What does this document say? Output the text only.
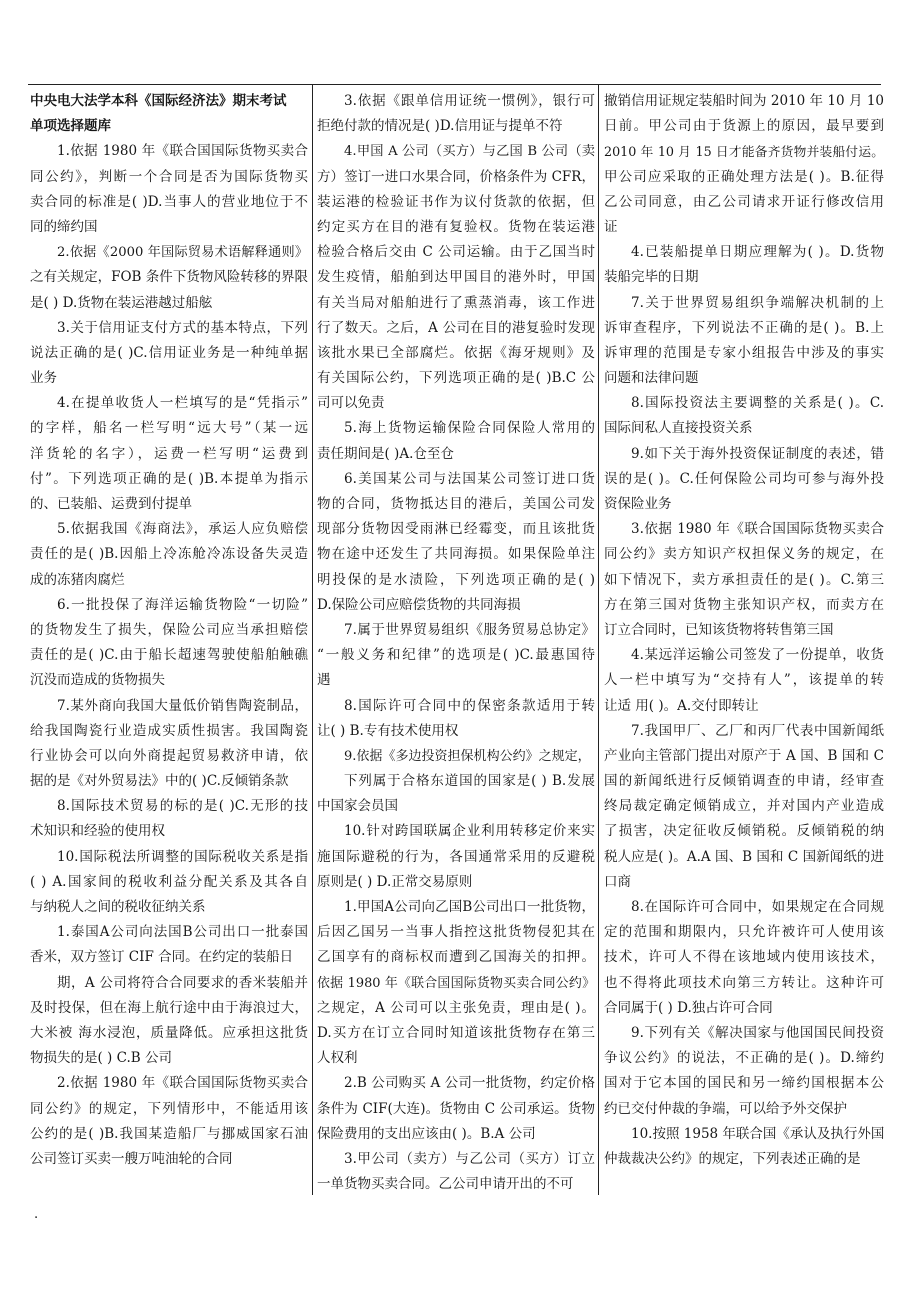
中央电大法学本科《国际经济法》期末考试
单项选择题库
1.依据 1980 年《联合国国际货物买卖合
同公约》，判断一个合同是否为国际货物买
卖合同的标准是( )D.当事人的营业地位于不
同的缔约国
2.依据《2000 年国际贸易术语解释通则》
之有关规定，FOB 条件下货物风险转移的界限
是( ) D.货物在装运港越过船舷
3.关于信用证支付方式的基本特点，下列
说法正确的是( )C.信用证业务是一种纯单据
业务
4.在提单收货人一栏填写的是“凭指示”
的字样，船名一栏写明“远大号”（某一远
洋货轮的名字），运费一栏写明“运费到
付”。下列选项正确的是( )B.本提单为指示
的、已装船、运费到付提单
5.依据我国《海商法》，承运人应负赔偿
责任的是( )B.因船上冷冻舱冷冻设备失灵造
成的冻猪肉腐烂
6.一批投保了海洋运输货物险“一切险”
的货物发生了损失，保险公司应当承担赔偿
责任的是( )C.由于船长超速驾驶使船舶触礁
沉没而造成的货物损失
7.某外商向我国大量低价销售陶瓷制品，
给我国陶瓷行业造成实质性损害。我国陶瓷
行业协会可以向外商提起贸易救济申请，依
据的是《对外贸易法》中的( )C.反倾销条款
8.国际技术贸易的标的是( )C.无形的技
术知识和经验的使用权
10.国际税法所调整的国际税收关系是指
( ) A.国家间的税收利益分配关系及其各自
与纳税人之间的税收征纳关系
1.泰国A公司向法国B公司出口一批泰国
香米，双方签订 CIF 合同。在约定的装船日
期，A 公司将符合合同要求的香米装船并
及时投保，但在海上航行途中由于海浪过大，
大米被 海水浸泡，质量降低。应承担这批货
物损失的是( ) C.B 公司
2.依据 1980 年《联合国国际货物买卖合
同公约》的规定，下列情形中，不能适用该
公约的是( )B.我国某造船厂与挪威国家石油
公司签订买卖一艘万吨油轮的合同
3.依据《跟单信用证统一惯例》，银行可
拒绝付款的情况是( )D.信用证与提单不符
4.甲国 A 公司（买方）与乙国 B 公司（卖
方）签订一进口水果合同，价格条件为 CFR，
装运港的检验证书作为议付货款的依据，但
约定买方在目的港有复验权。货物在装运港
检验合格后交由 C 公司运输。由于乙国当时
发生疫情，船舶到达甲国目的港外时，甲国
有关当局对船舶进行了熏蒸消毒，该工作进
行了数天。之后，A 公司在目的港复验时发现
该批水果已全部腐烂。依据《海牙规则》及
有关国际公约，下列选项正确的是( )B.C 公
司可以免责
5.海上货物运输保险合同保险人常用的
责任期间是( )A.仓至仓
6.美国某公司与法国某公司签订进口货
物的合同，货物抵达目的港后，美国公司发
现部分货物因受雨淋已经霉变，而且该批货
物在途中还发生了共同海损。如果保险单注
明投保的是水渍险，下列选项正确的是( )
D.保险公司应赔偿货物的共同海损
7.属于世界贸易组织《服务贸易总协定》
“一般义务和纪律”的选项是( )C.最惠国待
遇
8.国际许可合同中的保密条款适用于转
让( ) B.专有技术使用权
9.依据《多边投资担保机构公约》之规定，
下列属于合格东道国的国家是( ) B.发展
中国家会员国
10.针对跨国联属企业利用转移定价来实
施国际避税的行为，各国通常采用的反避税
原则是( ) D.正常交易原则
1.甲国A公司向乙国B公司出口一批货物，
后因乙国另一当事人指控这批货物侵犯其在
乙国享有的商标权而遭到乙国海关的扣押。
依据 1980 年《联合国国际货物买卖合同公约》
之规定，A 公司可以主张免责，理由是( )。
D.买方在订立合同时知道该批货物存在第三
人权利
2.B 公司购买 A 公司一批货物，约定价格
条件为 CIF(大连)。货物由 C 公司承运。货物
保险费用的支出应该由( )。B.A 公司
3.甲公司（卖方）与乙公司（买方）订立
一单货物买卖合同。乙公司申请开出的不可
撤销信用证规定装船时间为 2010 年 10 月 10
日前。甲公司由于货源上的原因，最早要到
2010 年 10 月 15 日才能备齐货物并装船付运。
甲公司应采取的正确处理方法是( )。B.征得
乙公司同意，由乙公司请求开证行修改信用
证
4.已装船提单日期应理解为( )。D.货物
装船完毕的日期
7.关于世界贸易组织争端解决机制的上
诉审查程序，下列说法不正确的是( )。B.上
诉审理的范围是专家小组报告中涉及的事实
问题和法律问题
8.国际投资法主要调整的关系是( )。C.
国际间私人直接投资关系
9.如下关于海外投资保证制度的表述，错
误的是( )。C.任何保险公司均可参与海外投
资保险业务
3.依据 1980 年《联合国国际货物买卖合
同公约》卖方知识产权担保义务的规定，在
如下情况下，卖方承担责任的是( )。C.第三
方在第三国对货物主张知识产权，而卖方在
订立合同时，已知该货物将转售第三国
4.某远洋运输公司签发了一份提单，收货
人一栏中填写为“交持有人”，该提单的转
让适 用( )。A.交付即转让
7.我国甲厂、乙厂和丙厂代表中国新闻纸
产业向主管部门提出对原产于 A 国、B 国和 C
国的新闻纸进行反倾销调查的申请，经审查
终局裁定确定倾销成立，并对国内产业造成
了损害，决定征收反倾销税。反倾销税的纳
税人应是( )。A.A 国、B 国和 C 国新闻纸的进
口商
8.在国际许可合同中，如果规定在合同规
定的范围和期限内，只允许被许可人使用该
技术，许可人不得在该地域内使用该技术，
也不得将此项技术向第三方转让。这种许可
合同属于( ) D.独占许可合同
9.下列有关《解决国家与他国国民间投资
争议公约》的说法，不正确的是( )。D.缔约
国对于它本国的国民和另一缔约国根据本公
约已交付仲裁的争端，可以给予外交保护
10.按照 1958 年联合国《承认及执行外国
仲裁裁决公约》的规定，下列表述正确的是
.
